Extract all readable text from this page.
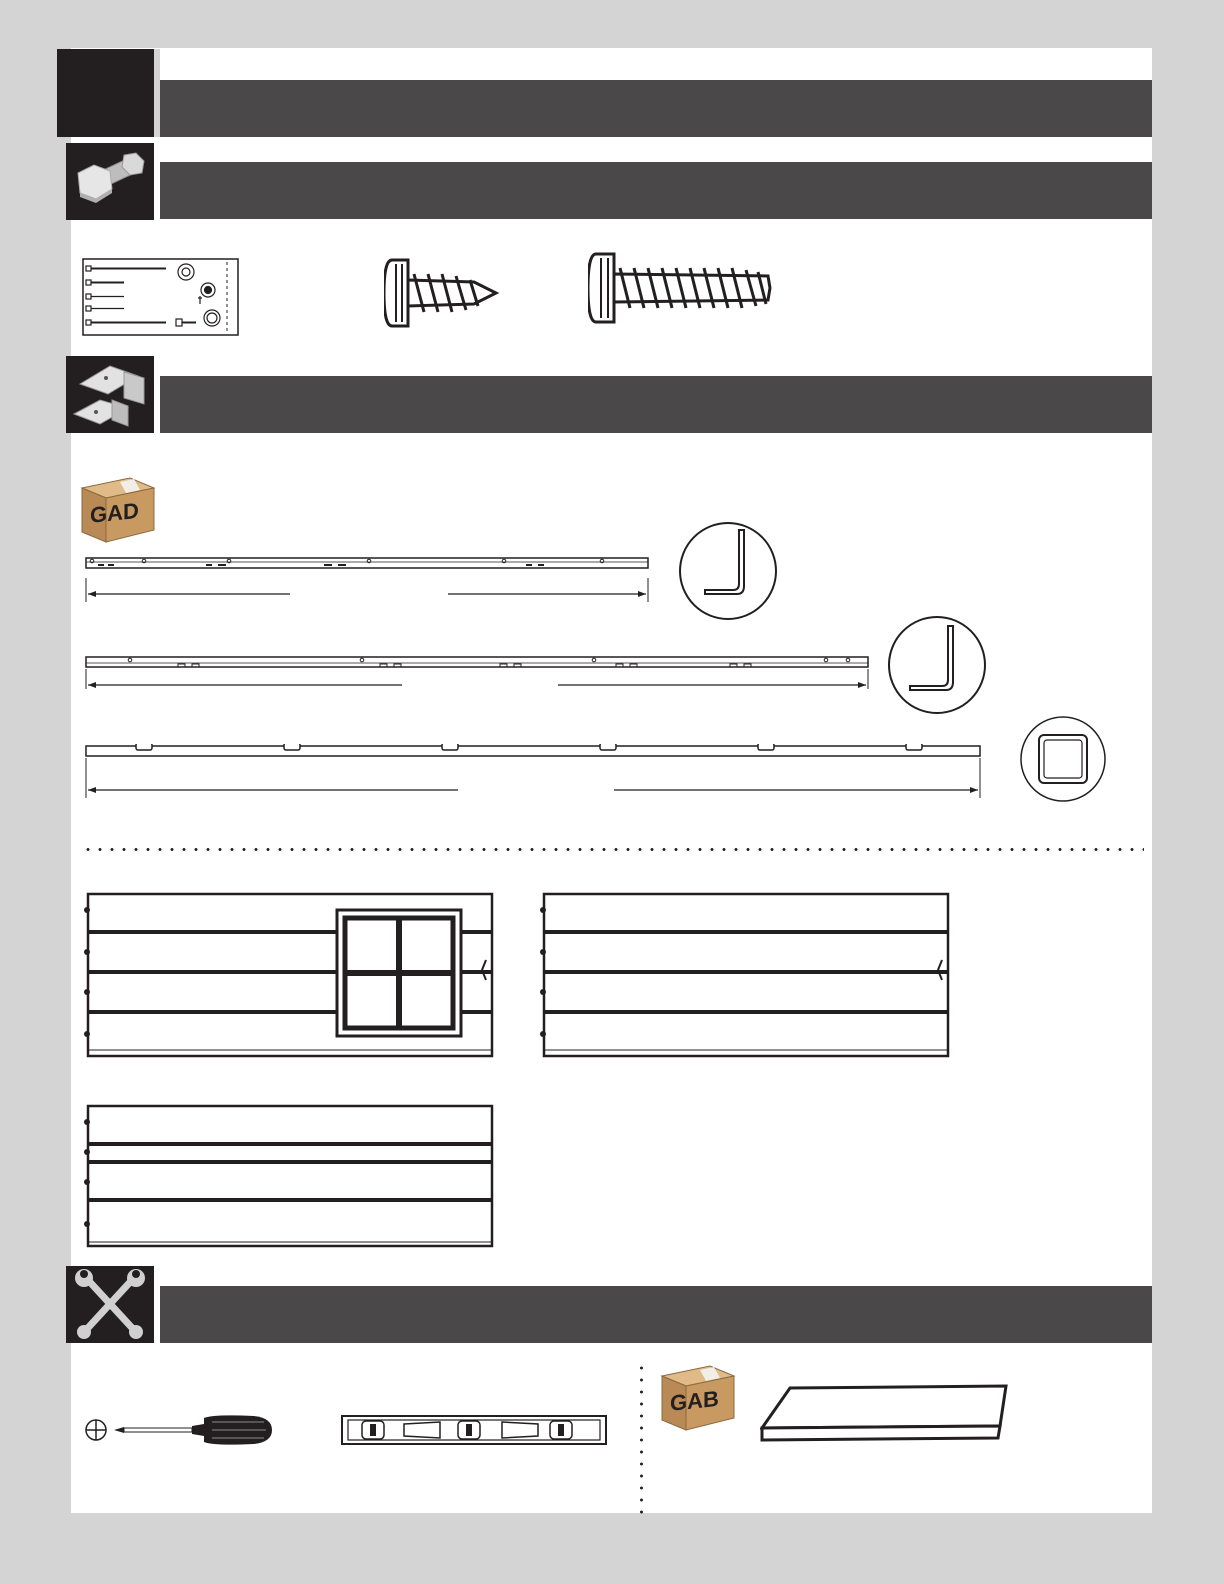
GAD
GAB
